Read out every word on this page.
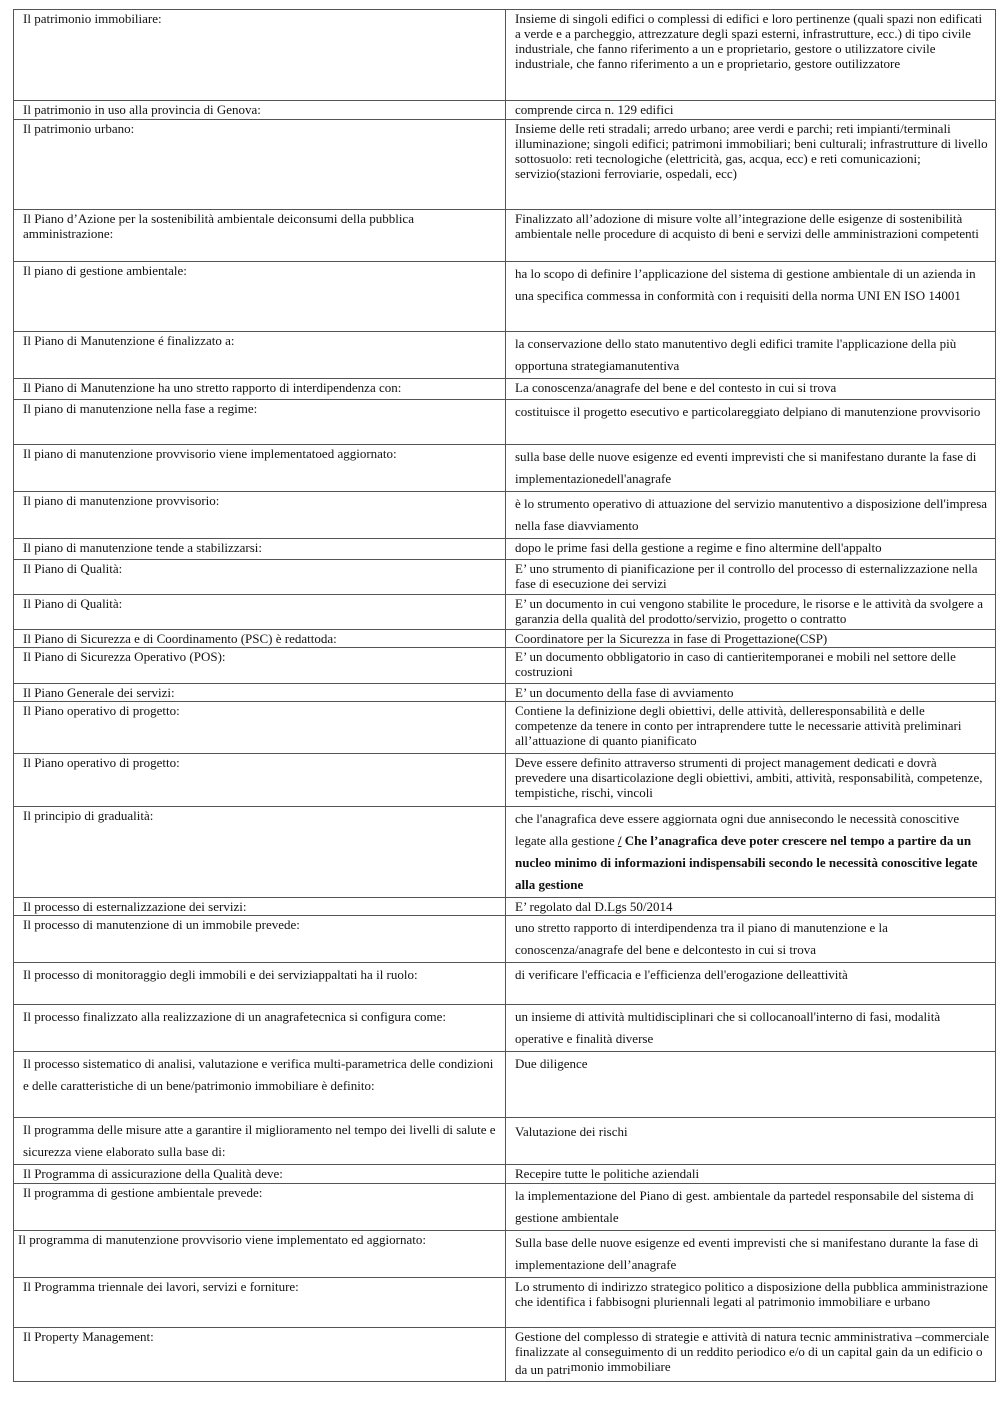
Il patrimonio immobiliare:	Insieme di singoli edifici o complessi di edifici e loro pertinenze (quali spazi non edificati a verde e a parcheggio, attrezzature degli spazi esterni, infrastrutture, ecc.) di tipo civile industriale, che fanno riferimento a un e proprietario, gestore o utilizzatore civile industriale, che fanno riferimento a un e proprietario, gestore outilizzatore
Il patrimonio in uso alla provincia di Genova:	comprende circa n. 129 edifici
Il patrimonio urbano:	Insieme delle reti stradali; arredo urbano; aree verdi e parchi; reti impianti/terminali illuminazione; singoli edifici; patrimoni immobiliari; beni culturali; infrastrutture di livello sottosuolo: reti tecnologiche (elettricità, gas, acqua, ecc) e reti comunicazioni; servizio(stazioni ferroviarie, ospedali, ecc)
Il Piano d’Azione per la sostenibilità ambientale deiconsumi della pubblica amministrazione:	Finalizzato all’adozione di misure volte all’integrazione delle esigenze di sostenibilità ambientale nelle procedure di acquisto di beni e servizi delle amministrazioni competenti
Il piano di gestione ambientale:	ha lo scopo di definire l’applicazione del sistema di gestione ambientale di un azienda in una specifica commessa in conformità con i requisiti della norma UNI EN ISO 14001
Il Piano di Manutenzione é finalizzato a:	la conservazione dello stato manutentivo degli edifici tramite l'applicazione della più opportuna strategiamanutentiva
Il Piano di Manutenzione ha uno stretto rapporto di interdipendenza con:	La conoscenza/anagrafe del bene e del contesto in cui si trova
Il piano di manutenzione nella fase a regime:	costituisce il progetto esecutivo e particolareggiato delpiano di manutenzione provvisorio
Il piano di manutenzione provvisorio viene implementatoed aggiornato:	sulla base delle nuove esigenze ed eventi imprevisti che si manifestano durante la fase di implementazionedell'anagrafe
Il piano di manutenzione provvisorio:	è lo strumento operativo di attuazione del servizio manutentivo a disposizione dell'impresa nella fase diavviamento
Il piano di manutenzione tende a stabilizzarsi:	dopo le prime fasi della gestione a regime e fino altermine dell'appalto
Il Piano di Qualità:	E’ uno strumento di pianificazione per il controllo del processo di esternalizzazione nella fase di esecuzione dei servizi
Il Piano di Qualità:	E’ un documento in cui vengono stabilite le procedure, le risorse e le attività da svolgere a garanzia della qualità del prodotto/servizio, progetto o contratto
Il Piano di Sicurezza e di Coordinamento (PSC) è redattoda:	Coordinatore per la Sicurezza in fase di Progettazione(CSP)
Il Piano di Sicurezza Operativo (POS):	E’ un documento obbligatorio in caso di cantieritemporanei e mobili nel settore delle costruzioni
Il Piano Generale dei servizi:	E’ un documento della fase di avviamento
Il Piano operativo di progetto:	Contiene la definizione degli obiettivi, delle attività, delleresponsabilità e delle competenze da tenere in conto per intraprendere tutte le necessarie attività preliminari all’attuazione di quanto pianificato
Il Piano operativo di progetto:	Deve essere definito attraverso strumenti di project management dedicati e dovrà prevedere una disarticolazione degli obiettivi, ambiti, attività, responsabilità, competenze, tempistiche, rischi, vincoli
Il principio di gradualità:	che l'anagrafica deve essere aggiornata ogni due annisecondo le necessità conoscitive legate alla gestione / Che l’anagrafica deve poter crescere nel tempo a partire da un nucleo minimo di informazioni indispensabili secondo le necessità conoscitive legate alla gestione
Il processo di esternalizzazione dei servizi:	E’ regolato dal D.Lgs 50/2014
Il processo di manutenzione di un immobile prevede:	uno stretto rapporto di interdipendenza tra il piano di manutenzione e la conoscenza/anagrafe del bene e delcontesto in cui si trova
Il processo di monitoraggio degli immobili e dei serviziappaltati ha il ruolo:	di verificare l'efficacia e l'efficienza dell'erogazione delleattività
Il processo finalizzato alla realizzazione di un anagrafetecnica si configura come:	un insieme di attività multidisciplinari che si collocanoall'interno di fasi, modalità operative e finalità diverse
Il processo sistematico di analisi, valutazione e verifica multi-parametrica delle condizioni e delle caratteristiche di un bene/patrimonio immobiliare è definito:	Due diligence
Il programma delle misure atte a garantire il miglioramento nel tempo dei livelli di salute e sicurezza viene elaborato sulla base di:	Valutazione dei rischi
Il Programma di assicurazione della Qualità deve:	Recepire tutte le politiche aziendali
Il programma di gestione ambientale prevede:	la implementazione del Piano di gest. ambientale da partedel responsabile del sistema di gestione ambientale
Il programma di manutenzione provvisorio viene implementato ed aggiornato:	Sulla base delle nuove esigenze ed eventi imprevisti che si manifestano durante la fase di implementazione dell’anagrafe
Il Programma triennale dei lavori, servizi e forniture:	Lo strumento di indirizzo strategico politico a disposizione della pubblica amministrazione che identifica i fabbisogni pluriennali legati al patrimonio immobiliare e urbano
Il Property Management:	Gestione del complesso di strategie e attività di natura tecnic amministrativa –commerciale finalizzate al conseguimento di un reddito periodico e/o di un capital gain da un edificio o da un patrimonio immobiliare
